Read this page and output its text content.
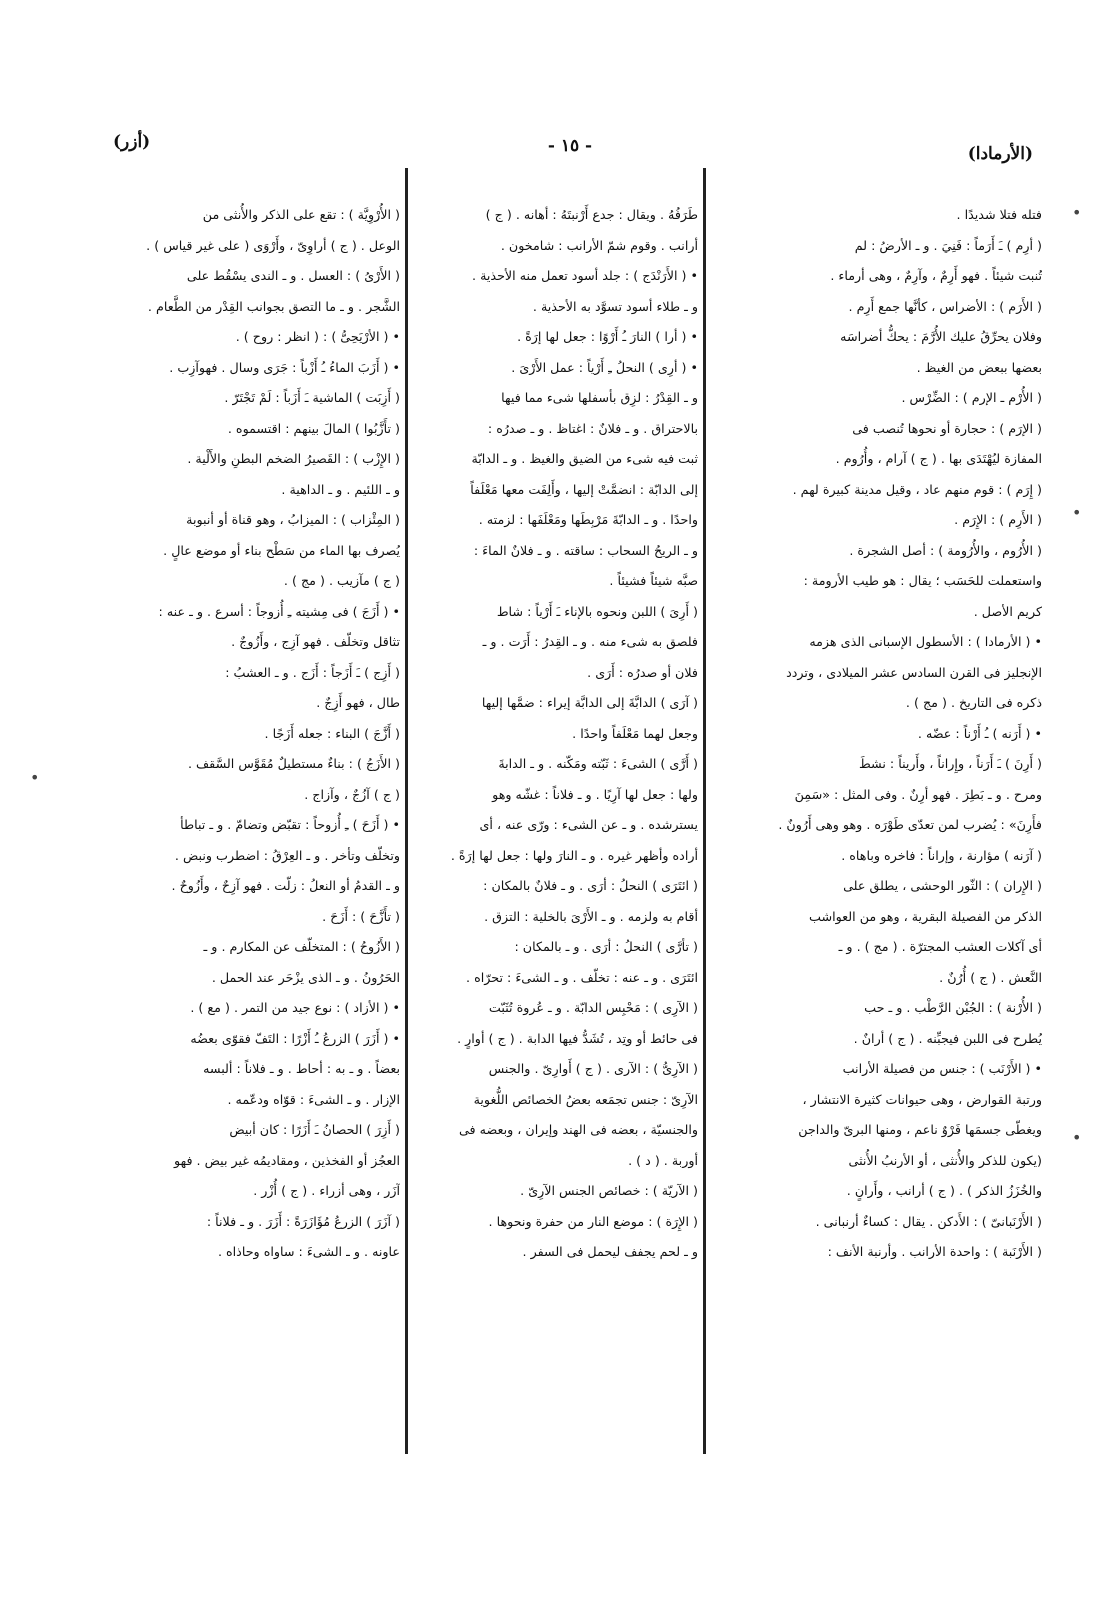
(الأرمادا)
- ١٥ -
(أزر)
فتله فتلا شديدًا .
( أرِم ) ـَ أَرَماً : فَنِيَ . و ـ الأرضُ : لم
تُنبت شيئاً . فهو أَرِمٌ ، وآرِمٌ ، وهى أرماء .
( الأَرَم ) : الأضراس ، كأنَّها جمع أَرِم .
وفلان يحرِّقُ عليك الأُرَّمَ : يحكُّ أضراسَه
بعضها ببعض من الغيظ .
( الأُرْم ـ الإرم ) : الضِّرْس .
( الإرَم ) : حجارة أو نحوها تُنصب فى
المفازة ليُهْتَدَى بها . ( ج ) آرام ، وأُرُوم .
( إِرَم ) : قوم منهم عاد ، وقيل مدينة كبيرة لهم .
( الأَرِم ) : الإِرَم .
( الأُرُوم ، والأُرُومة ) : أصل الشجرة .
واستعملت للحَسَب ؛ يقال : هو طيب الأرومة :
كريم الأصل .
• ( الأرمادا ) : الأسطول الإسبانى الذى هزمه
الإنجليز فى القرن السادس عشر الميلادى ، وتردد
ذكره فى التاريخ . ( مج ) .
• ( أَرَنه ) ـُ أَرْناً : عضّه .
( أَرِنَ ) ـَ أَرَناً ، وإِراناً ، وأَريناً : نشطَ
ومرح . و ـ بَطِرَ . فهو أرِنٌ . وفى المثل : «سَمِنَ
فأَرِنَ» : يُضرب لمن تعدّى طَوْرَه . وهو وهى أَرُونٌ .
( آرَنه ) مؤارنة ، وإراناً : فاخره وباهاه .
( الإِران ) : الثّور الوحشى ، يطلق على
الذكر من الفصيلة البقرية ، وهو من العواشب
أى آكلات العشب المجترّة . ( مج ) . و ـ
النَّعش . ( ج ) أُرُنٌ .
( الأُرْنة ) : الجُبْن الرَّطْب . و ـ حب
يُطرح فى اللبن فيجبِّنه . ( ج ) أرانٌ .
• ( الأَرْنَب ) : جنس من فصيلة الأرانب
ورتبة القوارض ، وهى حيوانات كثيرة الانتشار ،
ويغطّى جسمَها فَرْوٌ ناعم ، ومنها البرىّ والداجن
(يكون للذكر والأُنثى ، أو الأرنبُ الأُنثى
والخُزَزُ الذكر ) . ( ج ) أرانب ، وأَرانٍ .
( الأَرْنَبانىّ ) : الأَدكن . يقال : كساءٌ أرنبانى .
( الأَرْنَبة ) : واحدة الأرانب . وأرنبة الأنف :
طَرَفُهُ . ويقال : جدع أَرْنبتَهُ : أهانه . ( ج )
أرانب . وقوم شمّ الأرانب : شامخون .
• ( الأَرَنْدَج ) : جلد أسود تعمل منه الأحذية .
و ـ طلاء أسود تسوَّد به الأحذية .
• ( أرا ) النارَ ـُ أَرْوًا : جعل لها إرَةً .
• ( أرِى ) النحلُ ـِ أَرْياً : عمل الأَرْىَ .
و ـ القِدْرُ : لزِق بأسفلها شىء مما فيها
بالاحتراق . و ـ فلانٌ : اغتاظ . و ـ صدرُه :
ثبت فيه شىء من الضيق والغيظ . و ـ الدابّة
إلى الدابّة : انضمَّتْ إليها ، وأَلِفَت معها مَعْلَفاً
واحدًا . و ـ الدابّةَ مَرْبِطَها ومَعْلَفَها : لزمته .
و ـ الريحُ السحاب : ساقته . و ـ فلانٌ الماءَ :
صبَّه شيئاً فشيئاً .
( أَرِىَ ) اللبن ونحوه بالإناء ـَ أَرْياً : شاط
فلصق به شىء منه . و ـ القِدرُ : أَرَت . و ـ
فلان أو صدرُه : أَرَى .
( آرَى ) الدابَّةَ إلى الدابَّة إيراء : ضمَّها إليها
وجعل لهما مَعْلَفاً واحدًا .
( أَرَّى ) الشىءَ : ثَبّته ومَكّنه . و ـ الدابةَ
ولها : جعل لها آرِيًا . و ـ فلاناً : غشّه وهو
يسترشده . و ـ عن الشىء : ورّى عنه ، أى
أراده وأظهر غيره . و ـ النارَ ولها : جعل لها إرَةً .
( ائتَرَى ) النحلُ : أرَى . و ـ فلانٌ بالمكان :
أقام به ولزمه . و ـ الأَرْىَ بالخلية : التزق .
( تأرَّى ) النحلُ : أرَى . و ـ بالمكان :
ائتَرَى . و ـ عنه : تخلّف . و ـ الشىءَ : تحرّاه .
( الآرِى ) : مَحْبِس الدابّة . و ـ عُروة تُثَبّت
فى حائط أو وتِد ، تُشَدُّ فيها الدابة . ( ج ) أوارٍ .
( الآرِىُّ ) : الآرى . ( ج ) أَوارِىّ . والجنس
الآرِىّ : جنس تجمَعه بعضُ الخصائص اللُّغوية
والجنسيّة ، بعضه فى الهند وإيران ، وبعضه فى
أوربة . ( د ) .
( الآريّة ) : خصائص الجنس الآرِىّ .
( الإِرَة ) : موضع النار من حفرة ونحوها .
و ـ لحم يجفف ليحمل فى السفر .
( الأُرْوِيَّة ) : تقع على الذكر والأُنثى من
الوعل . ( ج ) أراوِىّ ، وأَرْوَى ( على غير قياس ) .
( الأَرْىُ ) : العسل . و ـ الندى يسْقُط على
الشَّجر . و ـ ما التصق بجوانب القِدْر من الطَّعام .
• ( الأرْيَحِىُّ ) : ( انظر : روح ) .
• ( أَزَبَ الماءُ ـُ أَزْباً : جَرَى وسال . فهوآزِب .
( أَزِبَت ) الماشية ـَ أَزَباً : لَمْ تَجْتَرّ .
( تأَزَّبُوا ) المالَ بينهم : اقتسموه .
( الإِزْب ) : القَصيرُ الضخم البطنِ والأَلْية .
و ـ اللئيم . و ـ الداهية .
( المِئْزاب ) : الميزابُ ، وهو قناة أو أنبوبة
يُصرف بها الماء من سَطْح بناء أو موضع عالٍ .
( ج ) مآزيب . ( مج ) .
• ( أَزَجَ ) فى مِشيته ـِ أُزوجاً : أسرع . و ـ عنه :
تثاقل وتخلّف . فهو آزِج ، وأَزُوجٌ .
( أَزِج ) ـَ أَزَجاً : أَزَج . و ـ العشبُ :
طال ، فهو أَزِجٌ .
( أَزَّجَ ) البناء : جعله أَزَجًا .
( الأَزَجُ ) : بناءٌ مستطيلٌ مُقَوَّس السَّقف .
( ج ) آزُجٌ ، وآزاج .
• ( أَزَحَ ) ـِ أُزوحاً : تقبّض وتضامّ . و ـ تباطأ
وتخلّف وتأخر . و ـ العِرْقُ : اضطرب ونبض .
و ـ القدمُ أو النعلُ : زلّت . فهو آزِحٌ ، وأَزُوحٌ .
( تأَزَّحَ ) : أَزَحَ .
( الأَزُوحُ ) : المتخلّف عن المكارم . و ـ
الحَرُونُ . و ـ الذى يزْحَر عند الحمل .
• ( الأزاد ) : نوع جيد من التمر . ( مع ) .
• ( أَزَرَ ) الزرعُ ـُ أَزْرًا : التَفّ فقوّى بعضُه
بعضاً . و ـ به : أحاط . و ـ فلاناً : ألبسه
الإزار . و ـ الشىءَ : قوّاه ودعّمه .
( أَزِرَ ) الحصانُ ـَ أَزَرًا : كان أبيض
العجُز أو الفخذين ، ومقاديمُه غير بيض . فهو
آزَر ، وهى أزراء . ( ج ) أُزْر .
( آزَرَ ) الزرعُ مُؤَازَرَةً : أَزَرَ . و ـ فلاناً :
عاونه . و ـ الشىءَ : ساواه وحاذاه .
•
•
•
•
